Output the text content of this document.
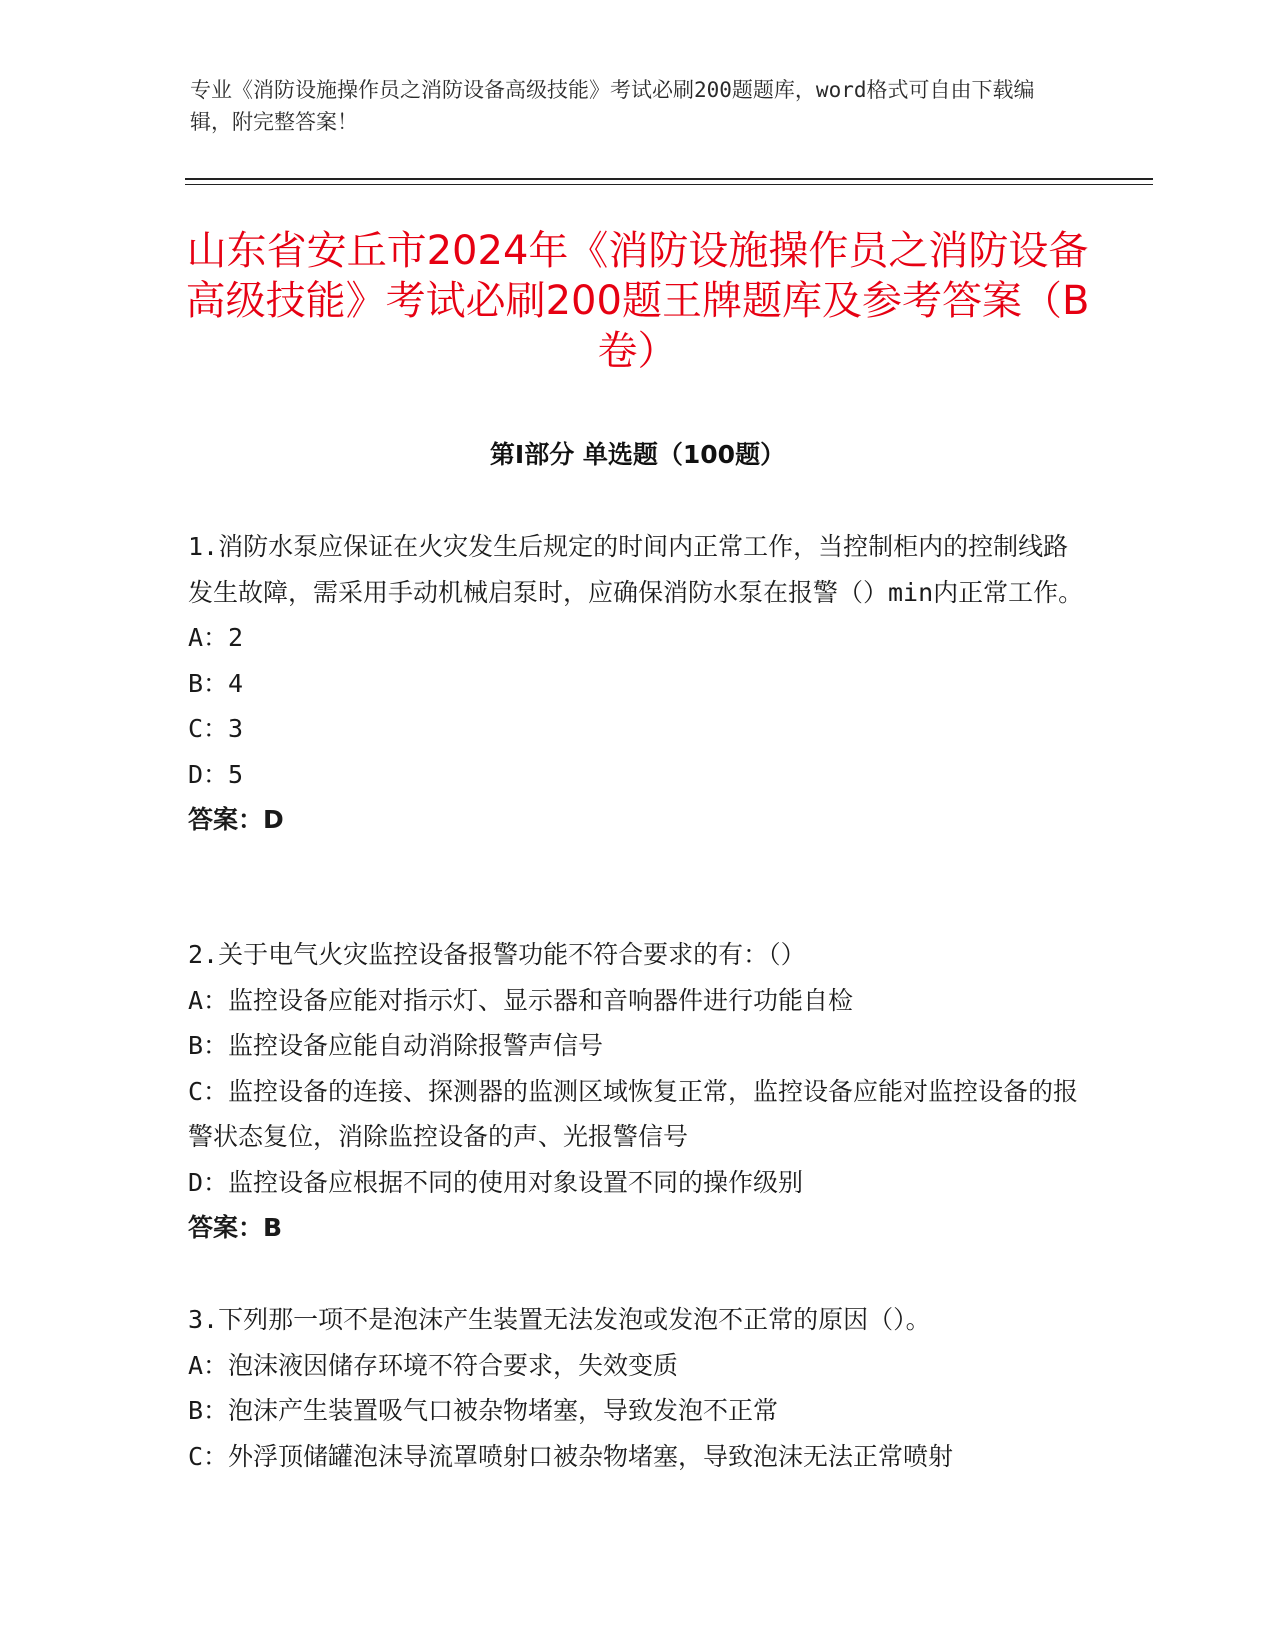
专业《消防设施操作员之消防设备高级技能》考试必刷200题题库，word格式可自由下载编辑，附完整答案！
山东省安丘市2024年《消防设施操作员之消防设备高级技能》考试必刷200题王牌题库及参考答案（B卷）
第Ⅰ部分 单选题（100题）
1.消防水泵应保证在火灾发生后规定的时间内正常工作，当控制柜内的控制线路发生故障，需采用手动机械启泵时，应确保消防水泵在报警（）min内正常工作。
A：2
B：4
C：3
D：5
答案：D
2.关于电气火灾监控设备报警功能不符合要求的有：（）
A：监控设备应能对指示灯、显示器和音响器件进行功能自检
B：监控设备应能自动消除报警声信号
C：监控设备的连接、探测器的监测区域恢复正常，监控设备应能对监控设备的报警状态复位，消除监控设备的声、光报警信号
D：监控设备应根据不同的使用对象设置不同的操作级别
答案：B
3.下列那一项不是泡沫产生装置无法发泡或发泡不正常的原因（）。
A：泡沫液因储存环境不符合要求，失效变质
B：泡沫产生装置吸气口被杂物堵塞，导致发泡不正常
C：外浮顶储罐泡沫导流罩喷射口被杂物堵塞，导致泡沫无法正常喷射
